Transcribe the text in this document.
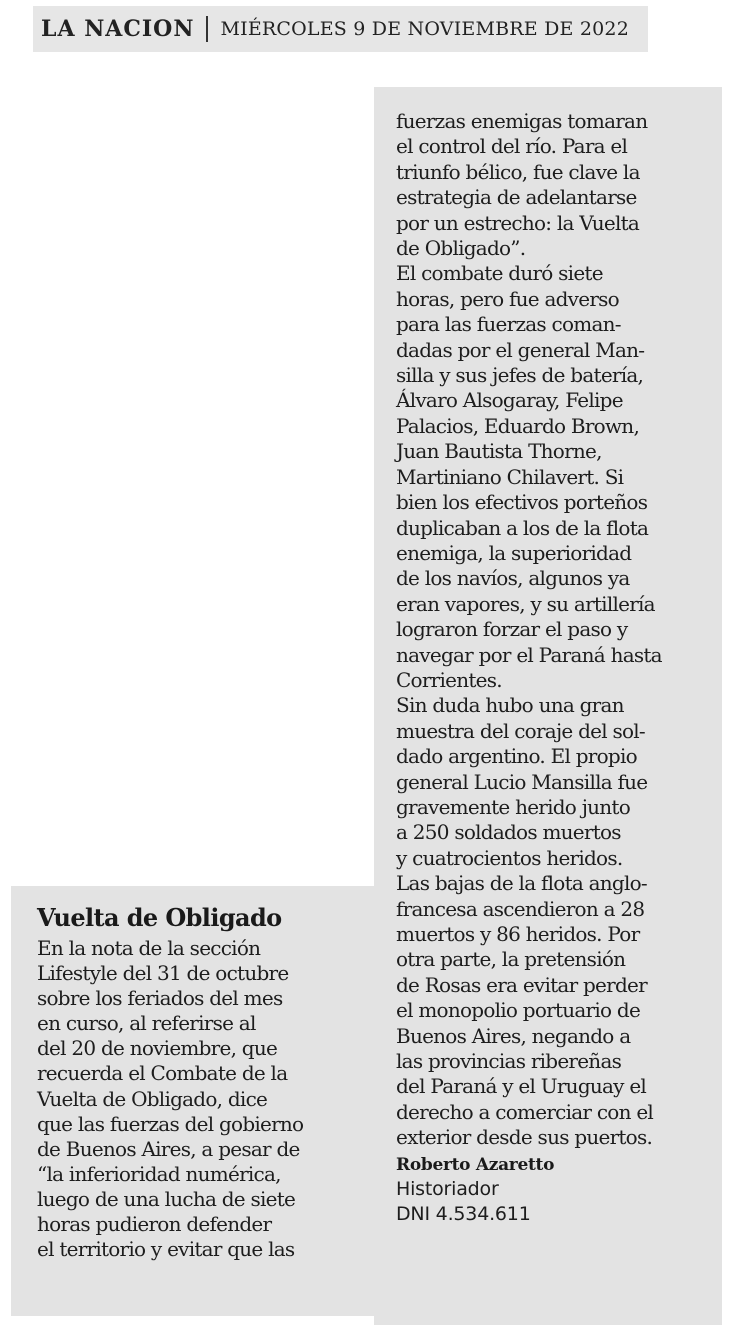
LA NACION MIÉRCOLES 9 DE NOVIEMBRE DE 2022
Vuelta de Obligado
En la nota de la sección
Lifestyle del 31 de octubre
sobre los feriados del mes
en curso, al referirse al
del 20 de noviembre, que
recuerda el Combate de la
Vuelta de Obligado, dice
que las fuerzas del gobierno
de Buenos Aires, a pesar de
“la inferioridad numérica,
luego de una lucha de siete
horas pudieron defender
el territorio y evitar que las
fuerzas enemigas tomaran
el control del río. Para el
triunfo bélico, fue clave la
estrategia de adelantarse
por un estrecho: la Vuelta
de Obligado”.
El combate duró siete
horas, pero fue adverso
para las fuerzas coman-
dadas por el general Man-
silla y sus jefes de batería,
Álvaro Alsogaray, Felipe
Palacios, Eduardo Brown,
Juan Bautista Thorne,
Martiniano Chilavert. Si
bien los efectivos porteños
duplicaban a los de la flota
enemiga, la superioridad
de los navíos, algunos ya
eran vapores, y su artillería
lograron forzar el paso y
navegar por el Paraná hasta
Corrientes.
Sin duda hubo una gran
muestra del coraje del sol-
dado argentino. El propio
general Lucio Mansilla fue
gravemente herido junto
a 250 soldados muertos
y cuatrocientos heridos.
Las bajas de la flota anglo-
francesa ascendieron a 28
muertos y 86 heridos. Por
otra parte, la pretensión
de Rosas era evitar perder
el monopolio portuario de
Buenos Aires, negando a
las provincias ribereñas
del Paraná y el Uruguay el
derecho a comerciar con el
exterior desde sus puertos.
Roberto Azaretto
Historiador
DNI 4.534.611
